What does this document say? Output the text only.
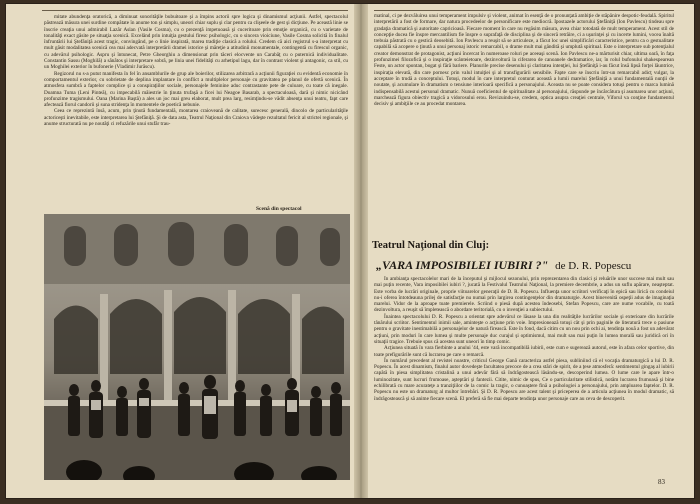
mitate abundenţa oratorică, a diminuat sonorităţile bubuitoare şi a împins actorii spre logica şi dinamismul acţiunii. Astfel, spectacolul păstrează măsura unei surdine compătate în anume ton şi simplu, uneori chiar suplu şi clar pentru ca clişeele de gest şi dicţiune. Pe această linie se înscrie creaţia unui admirabil Lazăr Aslan (Vasile Cosma), cu o prezenţă impetuoasă şi cuceritoare prin emoţie organică, cu o varietate de tonalităţi exact găsite pe situaţia scenică. Excelând prin intuiţia gestului firesc psihologic, cu o sincera vioiciune, Vasile Cosma solicită în finalul înfruntării lui Ştefăniţă acest tragic, convingând, pe o linie inspirată, marea tradiţie clasică a rolului. Credem că aici registrul s-a interpretat cu mult găsit modalitatea scenică cea mai adecvată interpretării dramei istorice şi măreţie a atitudinii monumentale, contingentă cu firescul organic, cu adevărul psihologic. Aspru şi întunecat, Petre Gheorghiu a dimensionat prin tăceri elocvente un Carabăţ cu o puternică individualitate. Constantin Sassu (Moghilă) a sănătos şi interpretare sobră, pe linia unei fidelităţi cu arhetipul lagu, dar în contrast violent şi antagonic, ca stil, cu un Moghilei exterior în bufonerie (Vladimir Jurăscu).

Regizorul nu s-a putut manifesta în fel în ansamblurile de grup ale boierilor, stilizarea arbitrară a acţiunii figuraţiei cu evidentă economie în comportamentul exterior, cu sobrietate de deplina implantare în conflict a multiplelor personaje cu gravitatea pe planul de ofertă scenică. În atmosfera sumbră a faptelor complice şi a conspiraţiilor sociale, personajele feminine aduc contrastante pete de culoare, cu toate că inegale. Doamna Tuma (Leni Pinteă), cu impecabilă măiestrie în ţinuta trufaşă a ficei lui Neagoe Basarab, a spectaculoasă, dară şi nimic nicicând profunzime tragismului. Oana (Marina Baştă) a ales un joc mai greu elaborat, mult prea larg, resimţindu-se vădit absenţa unui teatru, fapt care afectează fiorul candorii şi suna stridenţa în momentele de poetică nebunie.

Ceea ce reprezintă însă, acum, prin ţinută fundamentală, montarea craioveană de calitate, surecesc generală, dincolo de particularităţile actoriceşti inevitabile, este interpretarea lui Ştefăniţă. Şi de data asta, Teatrul Naţional din Craiova vădeşte rezultatul fericit al strictei regionale, şi anume structurată nu pe noutăţi ci refuzările unui stufăr trau-

Scenă din spectacol

matinal, ci pe dezvăluirea unui temperament impulsiv şi violent, animat în esenţă de o pronunţată ambiţie de stăpânire despotic-feudală. Spiritul interpretării a fost de formare, dar natura procedeelor de personificare este mediocră. Ipostazele actorului Ştefăniţă (Ion Pavlescu) tindeau spre gradaţia dramatică şi autoritate capricioasă. Fiecare moment în care nu regăsim măsura, avea chiar totodată de mult temperament. Acest stil de concepţie ducea fie înspre mercantilism fie înspre o suprafaţă de disciplina şi de sinceră retrăire, ci a uşurinţei şi cu incerte lumini, vocea înaltă trebuia păstrată cu o gestică deosebită. Ion Pavlescu a reuşit să se articuleze, a făcut loc unei simplificări caracteristice, pentru ca o gestualitate capabilă să acopere o ţinută a unui personaj istoric remarcabil, o drame mult mai gândită şi umplută spiritual. Este o interpretare sub potenţialul creator demonstrat de protagonist, acţiuni încercat în numeroase roluri pe aceeaşi scenă. Ion Pavlescu ne-a mărturisit chiar, ultima oară, în faţa profunzimei filozofică şi o inspiraţie scânteietoare, dezinvoltură la ciferarea de canoanele dedramatice, iar, în rolul bufonului shakespearean Feste, un actor spontan, bogat şi fără bariere. Planurile precise desenului şi claritatea intenţiei, lui Ştefăniţă i-au făcut însă lipsă forţei lăuntrice, inspiraţia elevată, din care pornesc prin valul intuiţiei şi al transfigurării sensibile. Fapte care se înscriu într-un remarcabil adicţ vulgar, la acceptare în trudă a conceptului. Totuşi, modul în care interpretul conturat această a lumii marelui Ştefăniţă a unui fundamentală nunţii de noutate, şi acumulare în dramatism o tensiune interioară specifică a personajului. Aceasta nu se poate considera totuşi pentru o marca lumină indispensabilă acestui personal dramatic. Nunuă coeficientul de spiritualitate al personajului, răspunde pe încărcătura şi asumarea unor acţiuni, marchează figura obiectiv tragică a vidorosului erou. Revizuindu-se, credem, optica asupra creaţiei centrale, Viforul va conţine fundamentul decisiv şi ambiţiile ce au procedat montarea.

Teatrul Naţional din Cluj:
„VARA IMPOSIBILEI IUBIRI ?" de D. R. Popescu

În ambianţa spectacolelor mari de la începutul şi mijlocul sezonului, prin reprezentarea din clasici şi reluările unor succese mai mult sau mai puţin recente, Vara imposibilei iubiri ?, jucată la Festivalul Teatrului Naţional, la premiere decembrie, a adus un suflu apărare, neaşteptat. Este vorba de lucrări originale, proprie viitoarelor generaţii de D. R. Popescu. Influenţa unor scriitori verificaţi în epică sau lirică cu condeiul nu-i oferea întotdeauna prilej de satisfacţie nu numai prin largirea contingenţelor din dramaturgie. Acest binevenită ospeţii adus de imaginaţia marelui. Vidor de la aproape toate premierele. Scriind o piesă după acestea îndeosebi, Stefan Popescu, care are nume vocabile, cu toată dezinvoltura, a reuşit să împletească o abordare teritorială, cu o invenţiei a subiectului.

Înaintea spectacolului D. R. Popescu a orientat spre adevărul ce lăsase la una din realităţile lucrărilor sociale şi exterioare din lucrările tânărului scriitor. Sentimentul inimii sale, aminteşte o acţiune prin voie. Impresionează totuşi cât şi prin paginile de literatură trece o pasiune pentru o gravitate inestimabilă a personajelor de natură firească. Este în fond, dacă citim cu un nou prin ochi ai, tendinţa nouă a fost un adevărat acţiuni, prin moduri în care lumea şi multe personaje duc curajul şi optimismul, mai mult sau mai puţin în lumea morală sau juridică ori în situaţii tragice. Trebuie spus că acestea sunt uneori în timp comic.

Acţiunea situată în vara fierbinte a anului '44, este vară incompatibilă iubirii, este cum e sugerează autorul, este în afara celor sportive, din toate prefigurările sunt că lucrarea pe care o remarcă.

În numărul precedent al revistei noastre, criticul George Gană caracteriza astfel piesa, subliniind că el vocaţia dramaturgică a lui D. R. Popescu. În acest dinamism, finalul autor dovedeşte facultatea precoce de a crea stări de spirit, de a ţese atmosferă: sentimentul gingaş al iubirii capătă în piesa simplitatea cristalină a unui adevăr fără să îndrăgostească lăsându-se, descoperind lumea. O lume care le apare într-o luminozitate, sunt lucruri frumoase, aşteptări şi fantezii. Citite, nimic de spus, Ce o particularitate stilistică, notăm lucrarea frumoasă şi bine echilibrată cu mare acurateţe a tranziţiilor de la comic la tragic, o cunoaştere fină a psihologiei a personajului, prin amploarea faptelor. D. R. Popescu nu este un dramaturg al multor întrebări. Şi D. R. Popescu are acest talent şi priceperea de a articula acţiunea în modul dramatic, să îndrăgostească şi să anime fiecare scenă. El preferă să fie mai departe tendinţa unor personaje care au ceva de descoperit.

83
